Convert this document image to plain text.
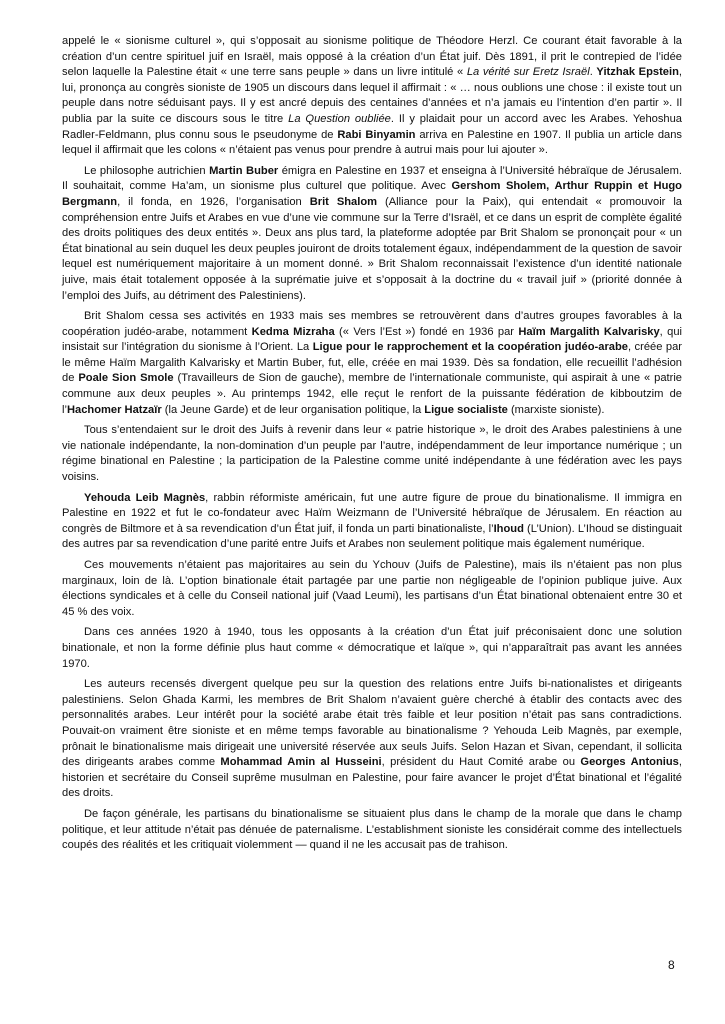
appelé le « sionisme culturel », qui s’opposait au sionisme politique de Théodore Herzl. Ce courant était favorable à la création d’un centre spirituel juif en Israël, mais opposé à la création d’un État juif. Dès 1891, il prit le contrepied de l’idée selon laquelle la Palestine était « une terre sans peuple » dans un livre intitulé « La vérité sur Eretz Israël. Yitzhak Epstein, lui, prononça au congrès sioniste de 1905 un discours dans lequel il affirmait : « … nous oublions une chose : il existe tout un peuple dans notre séduisant pays. Il y est ancré depuis des centaines d’années et n’a jamais eu l’intention d’en partir ». Il publia par la suite ce discours sous le titre La Question oubliée. Il y plaidait pour un accord avec les Arabes. Yehoshua Radler-Feldmann, plus connu sous le pseudonyme de Rabi Binyamin arriva en Palestine en 1907. Il publia un article dans lequel il affirmait que les colons « n’étaient pas venus pour prendre à autrui mais pour lui ajouter ».

Le philosophe autrichien Martin Buber émigra en Palestine en 1937 et enseigna à l’Université hébraïque de Jérusalem. Il souhaitait, comme Ha’am, un sionisme plus culturel que politique. Avec Gershom Sholem, Arthur Ruppin et Hugo Bergmann, il fonda, en 1926, l’organisation Brit Shalom (Alliance pour la Paix), qui entendait « promouvoir la compréhension entre Juifs et Arabes en vue d’une vie commune sur la Terre d’Israël, et ce dans un esprit de complète égalité des droits politiques des deux entités ». Deux ans plus tard, la plateforme adoptée par Brit Shalom se prononçait pour « un État binational au sein duquel les deux peuples jouiront de droits totalement égaux, indépendamment de la question de savoir lequel est numériquement majoritaire à un moment donné. » Brit Shalom reconnaissait l’existence d’un identité nationale juive, mais était totalement opposée à la suprématie juive et s’opposait à la doctrine du « travail juif » (priorité donnée à l’emploi des Juifs, au détriment des Palestiniens).

Brit Shalom cessa ses activités en 1933 mais ses membres se retrouvèrent dans d’autres groupes favorables à la coopération judéo-arabe, notamment Kedma Mizraha (« Vers l’Est ») fondé en 1936 par Haïm Margalith Kalvarisky, qui insistait sur l’intégration du sionisme à l’Orient. La Ligue pour le rapprochement et la coopération judéo-arabe, créée par le même Haïm Margalith Kalvarisky et Martin Buber, fut, elle, créée en mai 1939. Dès sa fondation, elle recueillit l’adhésion de Poale Sion Smole (Travailleurs de Sion de gauche), membre de l’internationale communiste, qui aspirait à une « patrie commune aux deux peuples ». Au printemps 1942, elle reçut le renfort de la puissante fédération de kibboutzim de l’Hachomer Hatzaïr (la Jeune Garde) et de leur organisation politique, la Ligue socialiste (marxiste sioniste).

Tous s’entendaient sur le droit des Juifs à revenir dans leur « patrie historique », le droit des Arabes palestiniens à une vie nationale indépendante, la non-domination d’un peuple par l’autre, indépendamment de leur importance numérique ; un régime binational en Palestine ; la participation de la Palestine comme unité indépendante à une fédération avec les pays voisins.

Yehouda Leib Magnès, rabbin réformiste américain, fut une autre figure de proue du binationalisme. Il immigra en Palestine en 1922 et fut le co-fondateur avec Haïm Weizmann de l’Université hébraïque de Jérusalem. En réaction au congrès de Biltmore et à sa revendication d’un État juif, il fonda un parti binationaliste, l’Ihoud (L’Union). L’Ihoud se distinguait des autres par sa revendication d’une parité entre Juifs et Arabes non seulement politique mais également numérique.

Ces mouvements n’étaient pas majoritaires au sein du Ychouv (Juifs de Palestine), mais ils n’étaient pas non plus marginaux, loin de là. L’option binationale était partagée par une partie non négligeable de l’opinion publique juive. Aux élections syndicales et à celle du Conseil national juif (Vaad Leumi), les partisans d’un État binational obtenaient entre 30 et 45 % des voix.

Dans ces années 1920 à 1940, tous les opposants à la création d’un État juif préconisaient donc une solution binationale, et non la forme définie plus haut comme « démocratique et laïque », qui n’apparaîtrait pas avant les années 1970.

Les auteurs recensés divergent quelque peu sur la question des relations entre Juifs bi-nationalistes et dirigeants palestiniens. Selon Ghada Karmi, les membres de Brit Shalom n’avaient guère cherché à établir des contacts avec des personnalités arabes. Leur intérêt pour la société arabe était très faible et leur position n’était pas sans contradictions. Pouvait-on vraiment être sioniste et en même temps favorable au binationalisme ? Yehouda Leib Magnès, par exemple, prônait le binationalisme mais dirigeait une université réservée aux seuls Juifs. Selon Hazan et Sivan, cependant, il sollicita des dirigeants arabes comme Mohammad Amin al Husseini, président du Haut Comité arabe ou Georges Antonius, historien et secrétaire du Conseil suprême musulman en Palestine, pour faire avancer le projet d’État binational et l’égalité des droits.

De façon générale, les partisans du binationalisme se situaient plus dans le champ de la morale que dans le champ politique, et leur attitude n’était pas dénuée de paternalisme. L’establishment sioniste les considérait comme des intellectuels coupés des réalités et les critiquait violemment — quand il ne les accusait pas de trahison.

8
